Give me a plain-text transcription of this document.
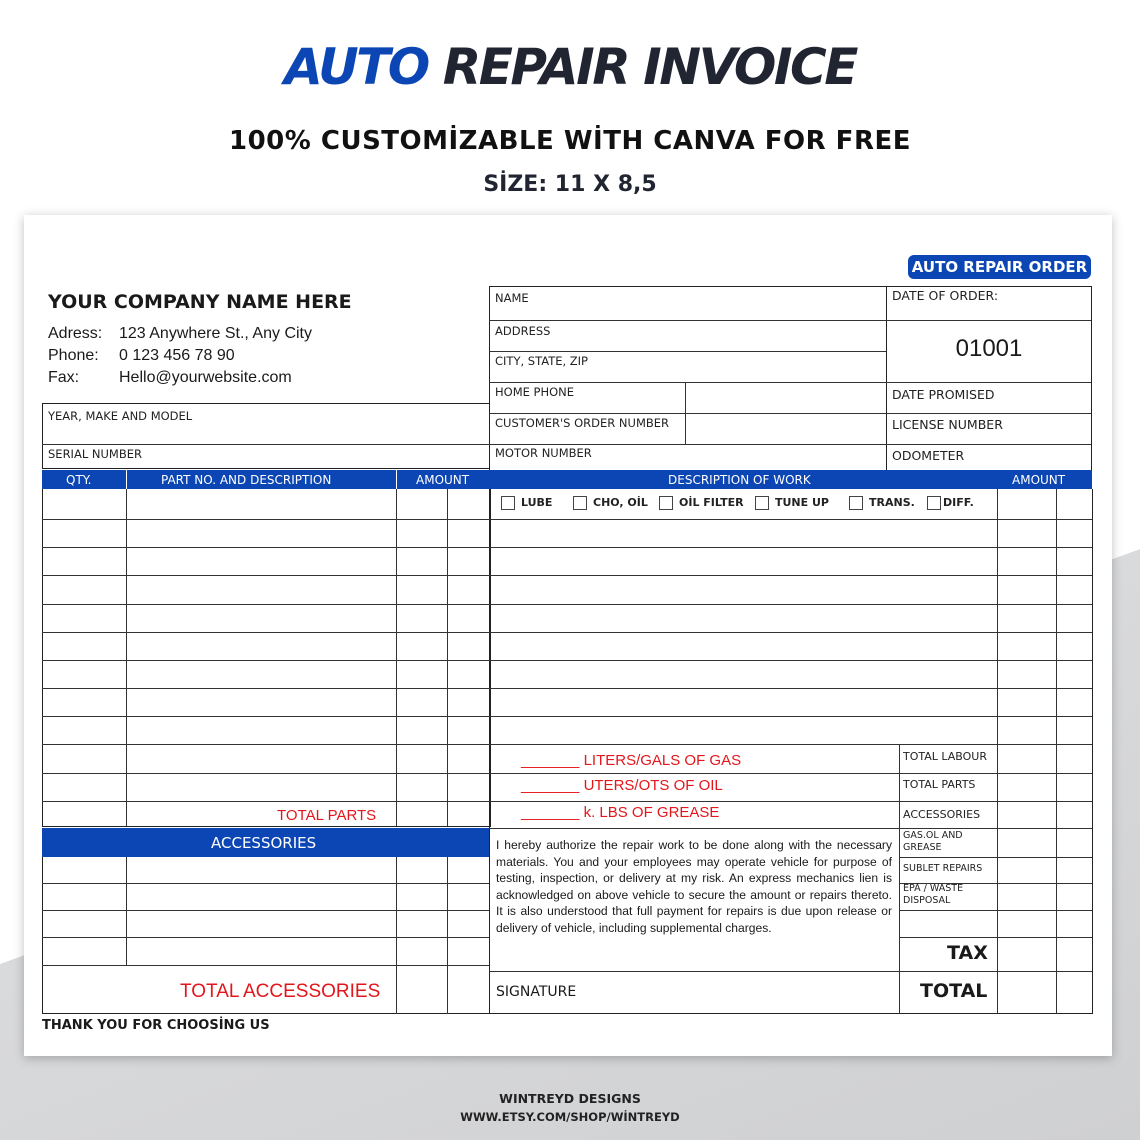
AUTO REPAIR INVOICE
100% CUSTOMİZABLE WİTH CANVA FOR FREE
SİZE: 11 X 8,5
AUTO REPAIR ORDER
YOUR COMPANY NAME HERE
Adress: 123 Anywhere St., Any City
Phone: 0 123 456 78 90
Fax: Hello@yourwebsite.com
YEAR, MAKE AND MODEL
SERIAL NUMBER
NAME
ADDRESS
CITY, STATE, ZIP
HOME PHONE
CUSTOMER'S ORDER NUMBER
MOTOR NUMBER
DATE OF ORDER:
01001
DATE PROMISED
LICENSE NUMBER
ODOMETER
QTY.	PART NO. AND DESCRIPTION	AMOUNT	DESCRIPTION OF WORK	AMOUNT
TOTAL PARTS
ACCESSORIES
TOTAL ACCESSORIES
LUBE	CHO, OİL	OİL FILTER	TUNE UP	TRANS.	DIFF.
_______ LITERS/GALS OF GAS
_______ UTERS/OTS OF OIL
_______ k. LBS OF GREASE
I hereby authorize the repair work to be done along with the necessary materials. You and your employees may operate vehicle for purpose of testing, inspection, or delivery at my risk. An express mechanics lien is acknowledged on above vehicle to secure the amount or repairs thereto. It is also understood that full payment for repairs is due upon release or delivery of vehicle, including supplemental charges.
SIGNATURE
TOTAL LABOUR
TOTAL PARTS
ACCESSORIES
GAS.OL AND GREASE
SUBLET REPAIRS
EPA / WASTE DISPOSAL
TAX
TOTAL
THANK YOU FOR CHOOSİNG US
WINTREYD DESIGNS
WWW.ETSY.COM/SHOP/WİNTREYD
